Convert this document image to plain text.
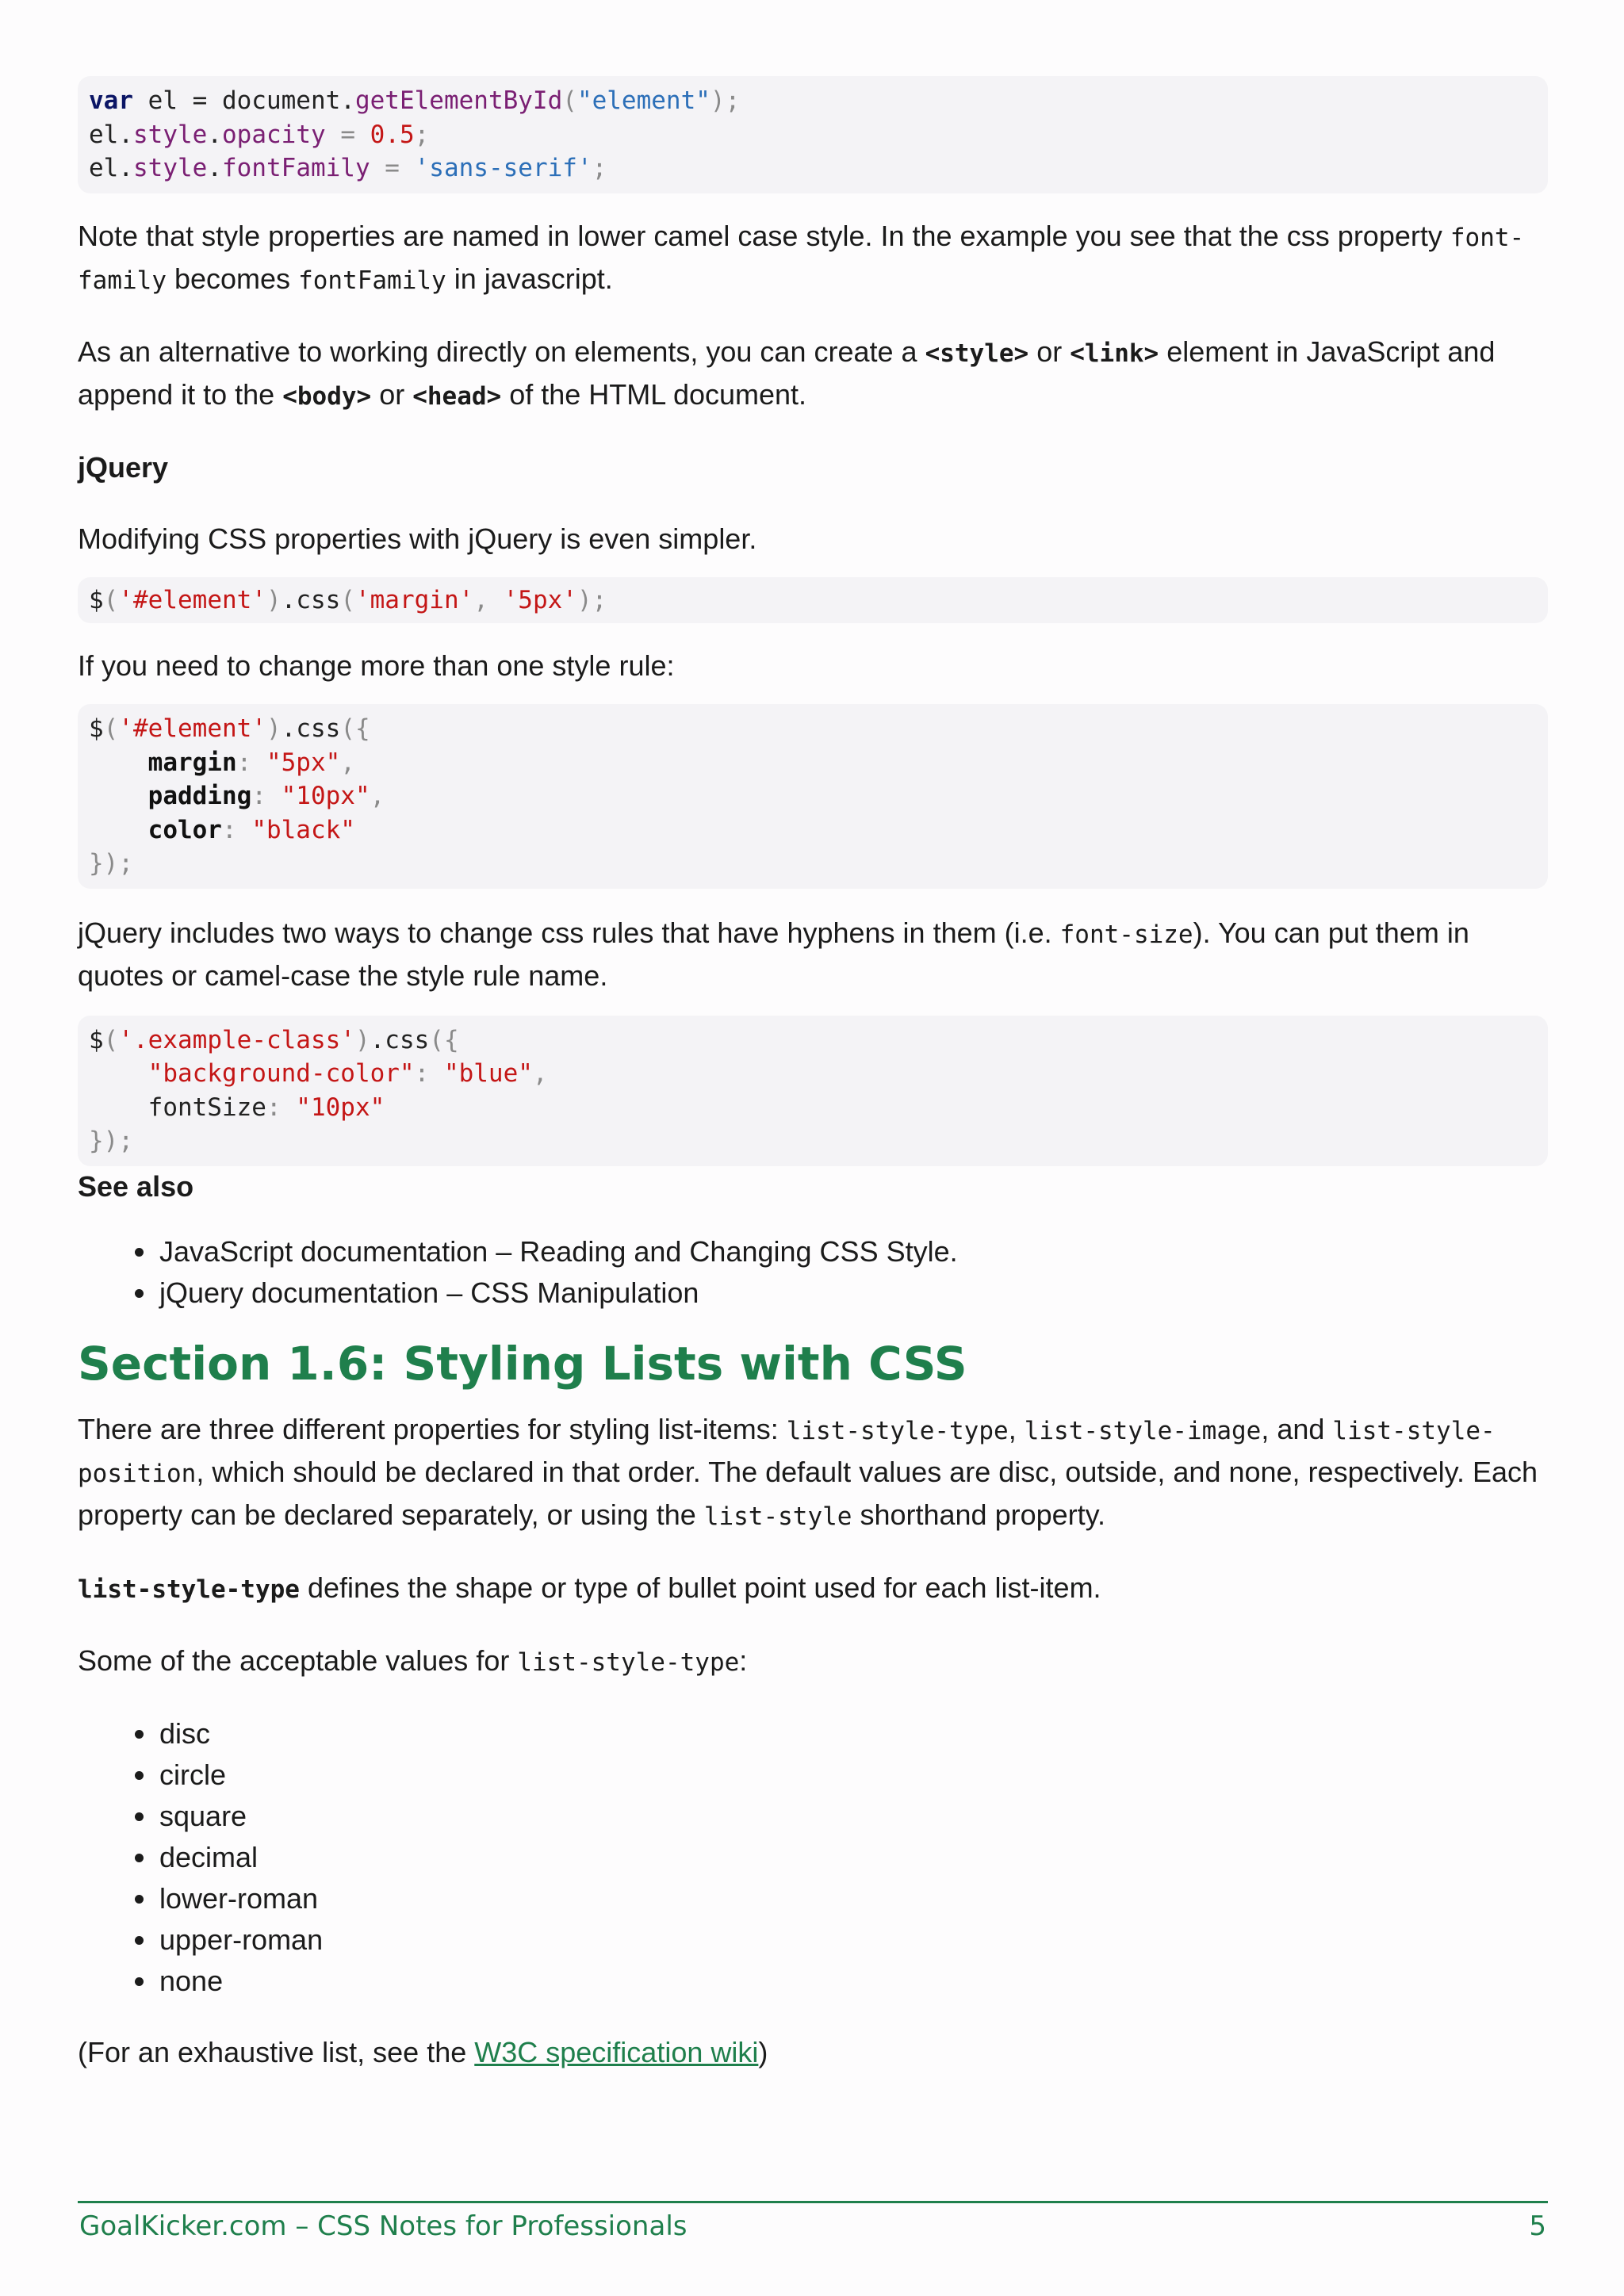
var el = document.getElementById("element");
el.style.opacity = 0.5;
el.style.fontFamily = 'sans-serif';

Note that style properties are named in lower camel case style. In the example you see that the css property font-family becomes fontFamily in javascript.

As an alternative to working directly on elements, you can create a <style> or <link> element in JavaScript and append it to the <body> or <head> of the HTML document.

jQuery

Modifying CSS properties with jQuery is even simpler.

$('#element').css('margin', '5px');

If you need to change more than one style rule:

$('#element').css({
margin: "5px",
padding: "10px",
color: "black"
});

jQuery includes two ways to change css rules that have hyphens in them (i.e. font-size). You can put them in quotes or camel-case the style rule name.

$('.example-class').css({
"background-color": "blue",
fontSize: "10px"
});

See also

JavaScript documentation – Reading and Changing CSS Style.
jQuery documentation – CSS Manipulation
Section 1.6: Styling Lists with CSS

There are three different properties for styling list-items: list-style-type, list-style-image, and list-style-position, which should be declared in that order. The default values are disc, outside, and none, respectively. Each property can be declared separately, or using the list-style shorthand property.

list-style-type defines the shape or type of bullet point used for each list-item.

Some of the acceptable values for list-style-type:

disc
circle
square
decimal
lower-roman
upper-roman
none

(For an exhaustive list, see the W3C specification wiki)

GoalKicker.com – CSS Notes for Professionals	5
